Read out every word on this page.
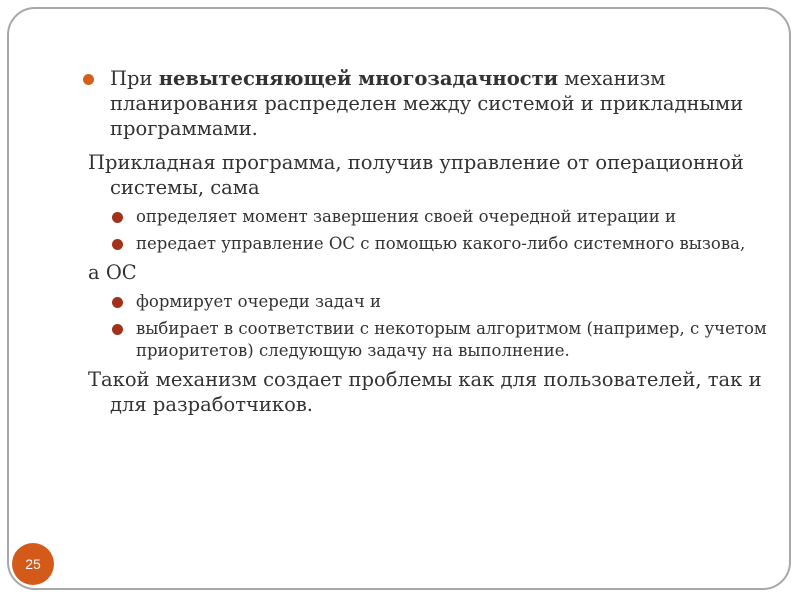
При невытесняющей многозадачности механизм планирования распределен между системой и прикладными программами.
Прикладная программа, получив управление от операционной системы, сама
определяет момент завершения своей очередной итерации и
передает управление ОС с помощью какого-либо системного вызова,
а ОС
формирует очереди задач и
выбирает в соответствии с некоторым алгоритмом (например, с учетом приоритетов) следующую задачу на выполнение.
Такой механизм создает проблемы как для пользователей, так и для разработчиков.
25
